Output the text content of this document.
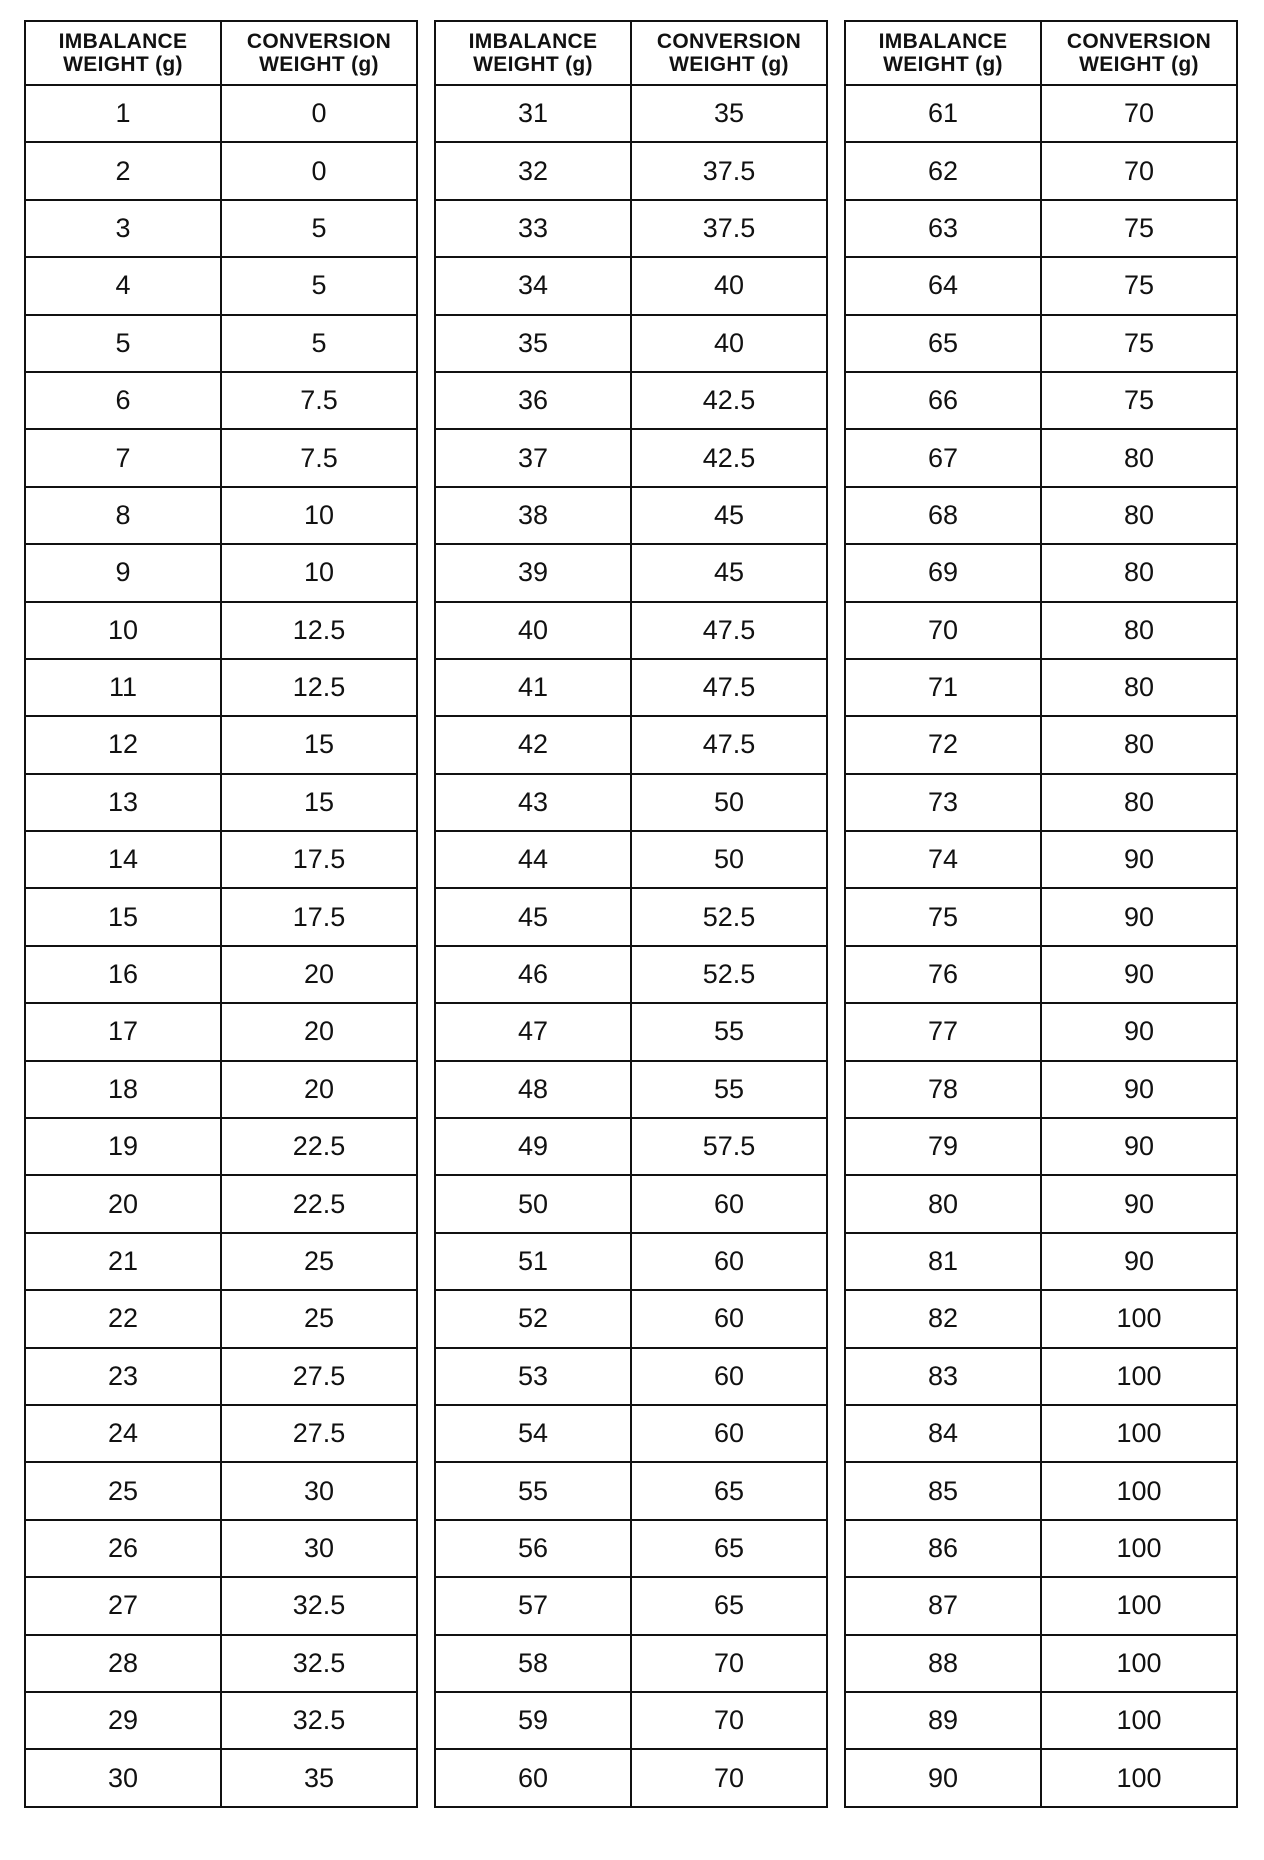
IMBALANCE
WEIGHT (g)	CONVERSION
WEIGHT (g)

1	0
2	0
3	5
4	5
5	5
6	7.5
7	7.5
8	10
9	10
10	12.5
11	12.5
12	15
13	15
14	17.5
15	17.5
16	20
17	20
18	20
19	22.5
20	22.5
21	25
22	25
23	27.5
24	27.5
25	30
26	30
27	32.5
28	32.5
29	32.5
30	35
IMBALANCE
WEIGHT (g)	CONVERSION
WEIGHT (g)

31	35
32	37.5
33	37.5
34	40
35	40
36	42.5
37	42.5
38	45
39	45
40	47.5
41	47.5
42	47.5
43	50
44	50
45	52.5
46	52.5
47	55
48	55
49	57.5
50	60
51	60
52	60
53	60
54	60
55	65
56	65
57	65
58	70
59	70
60	70
IMBALANCE
WEIGHT (g)	CONVERSION
WEIGHT (g)

61	70
62	70
63	75
64	75
65	75
66	75
67	80
68	80
69	80
70	80
71	80
72	80
73	80
74	90
75	90
76	90
77	90
78	90
79	90
80	90
81	90
82	100
83	100
84	100
85	100
86	100
87	100
88	100
89	100
90	100
